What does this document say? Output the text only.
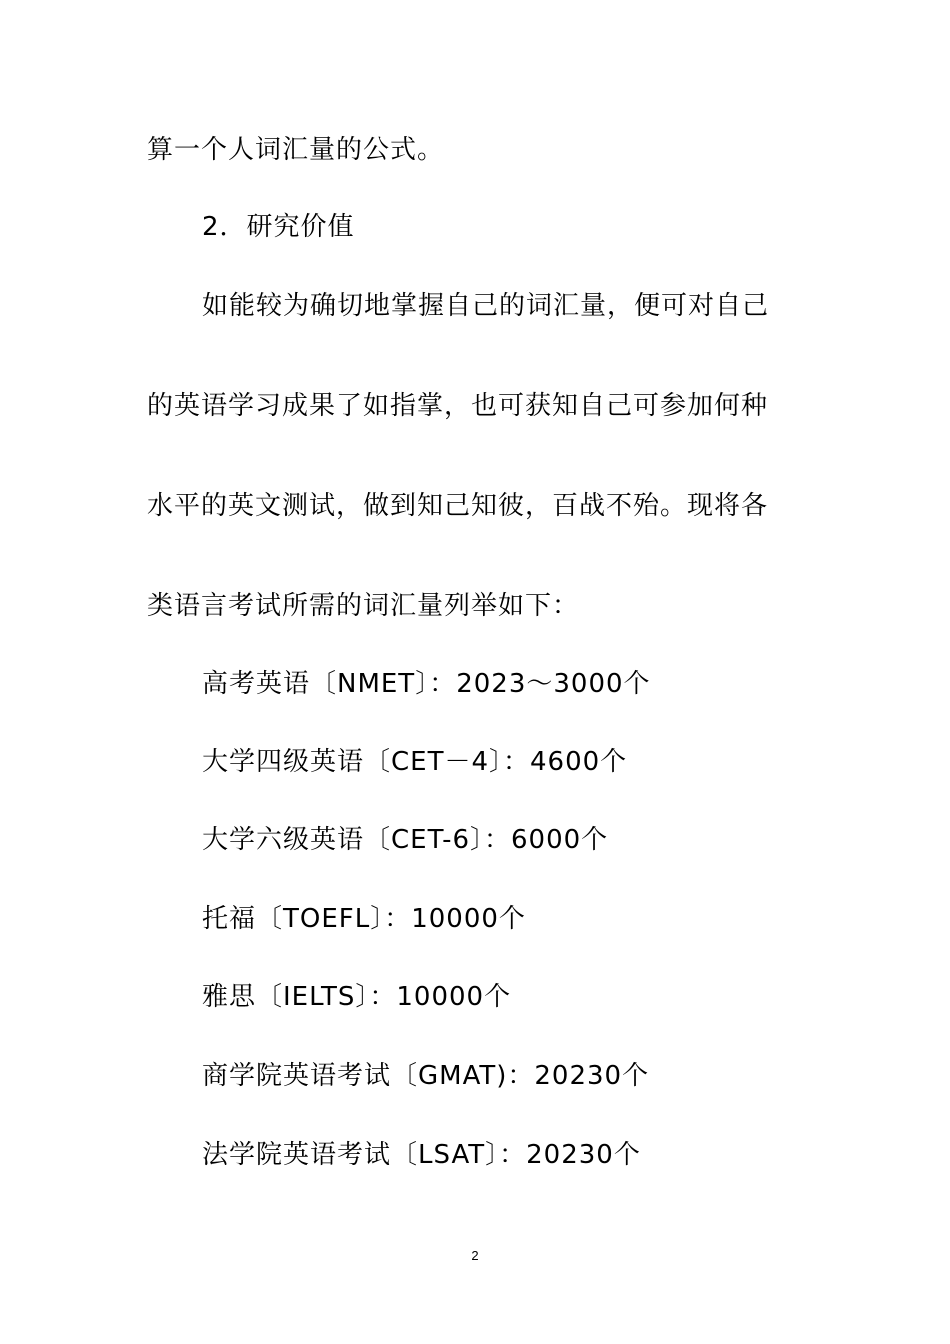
算一个人词汇量的公式。
2．研究价值
如能较为确切地掌握自己的词汇量，便可对自己
的英语学习成果了如指掌，也可获知自己可参加何种
水平的英文测试，做到知己知彼，百战不殆。现将各
类语言考试所需的词汇量列举如下：
高考英语〔NMET〕：2023～3000个
大学四级英语〔CET－4〕：4600个
大学六级英语〔CET-6〕：6000个
托福〔TOEFL〕：10000个
雅思〔IELTS〕：10000个
商学院英语考试〔GMAT)：20230个
法学院英语考试〔LSAT〕：20230个
2
